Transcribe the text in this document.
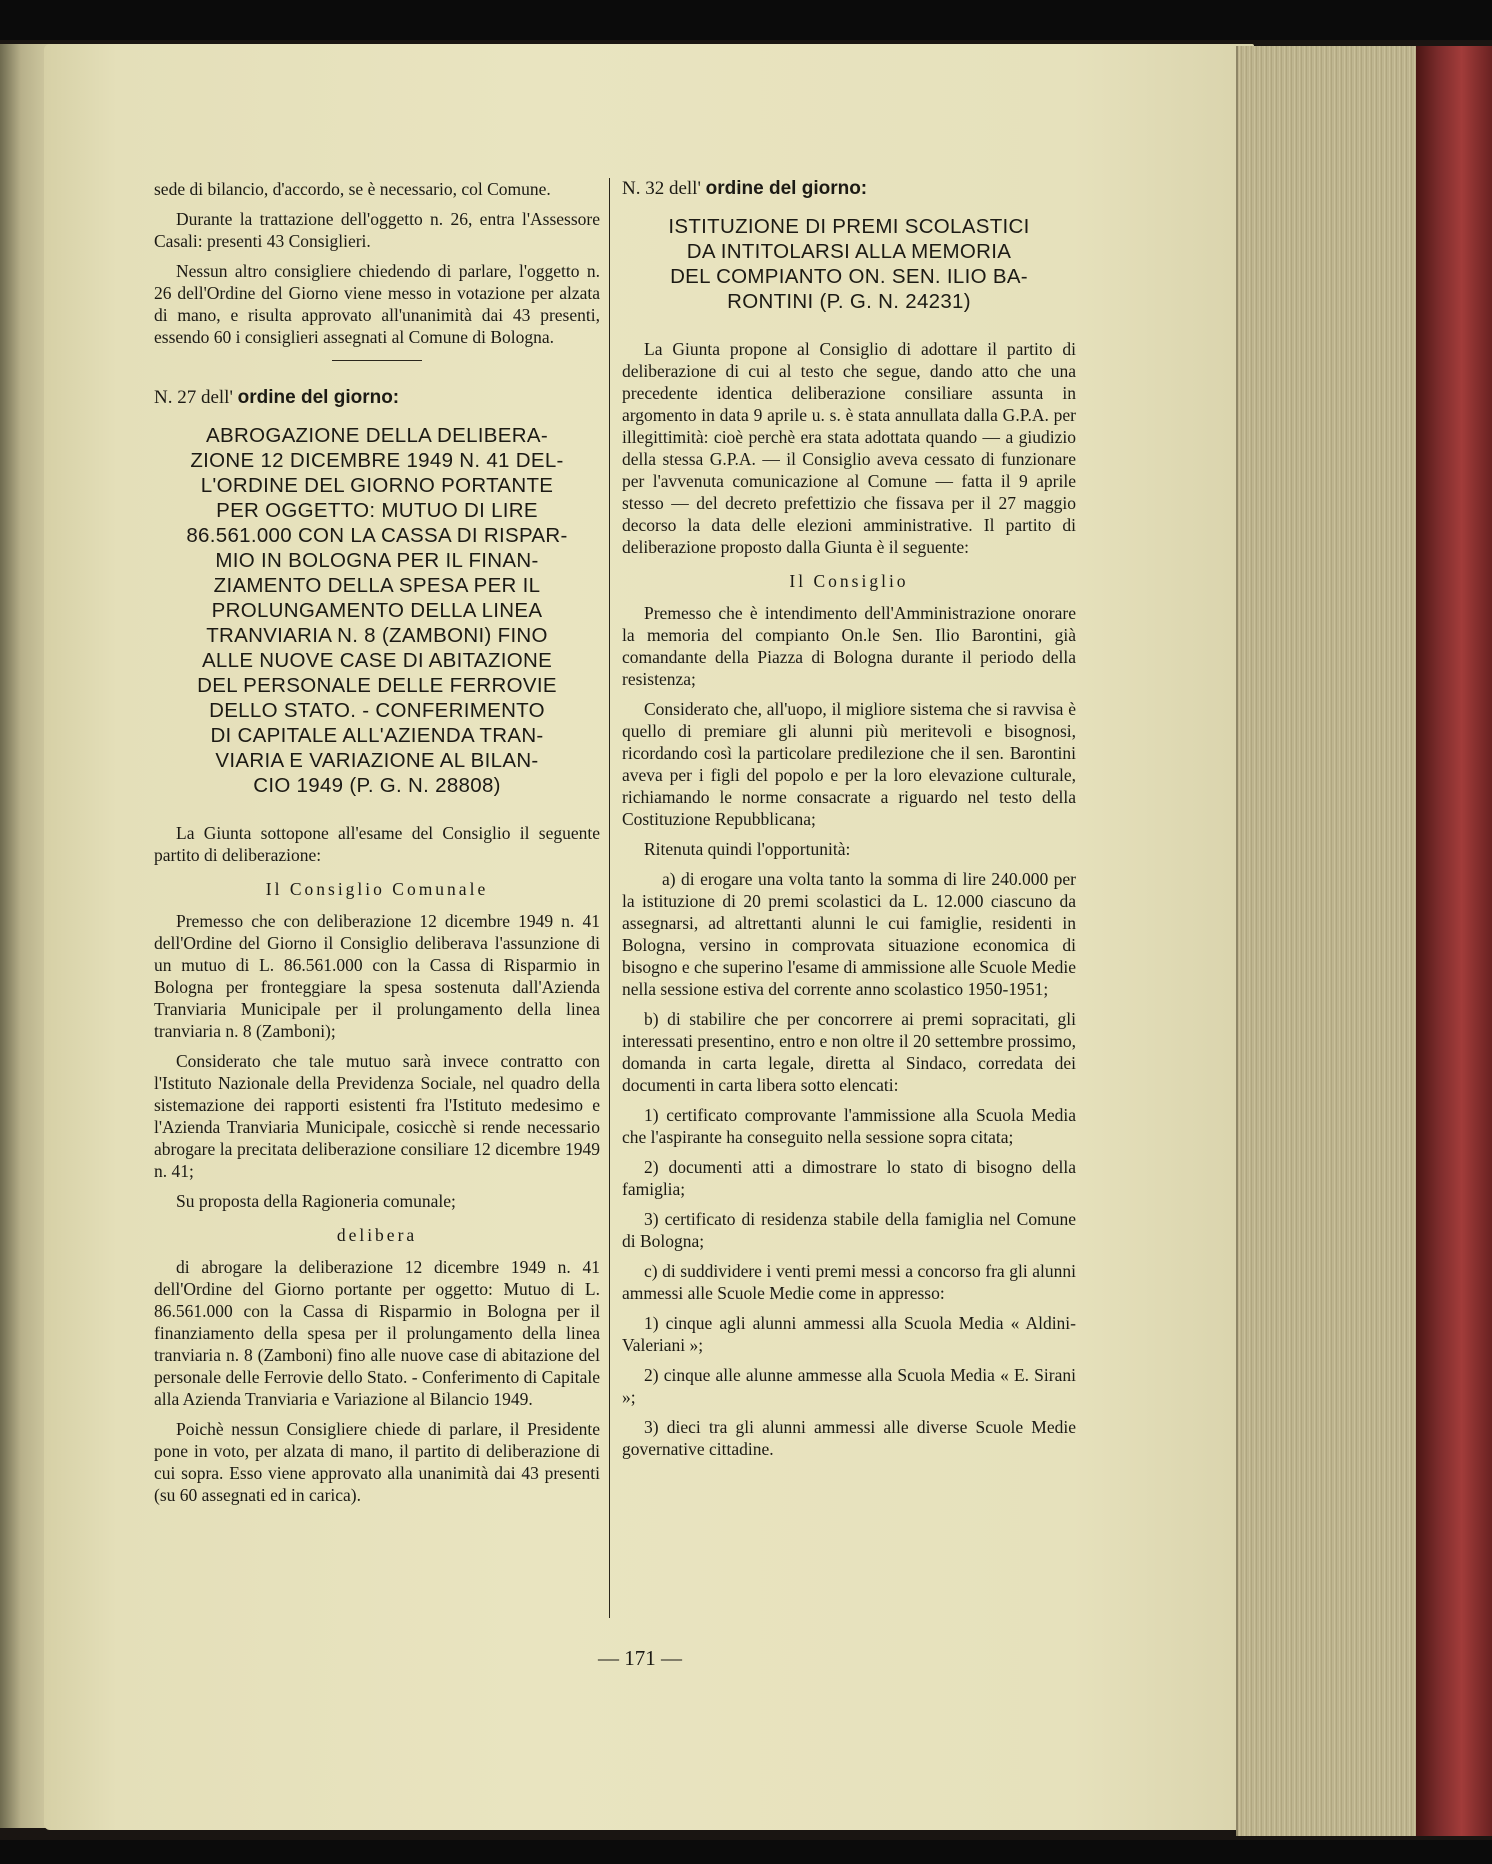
sede di bilancio, d'accordo, se è necessario, col Comune.

Durante la trattazione dell'oggetto n. 26, entra l'Assessore Casali: presenti 43 Consiglieri.

Nessun altro consigliere chiedendo di parlare, l'oggetto n. 26 dell'Ordine del Giorno viene messo in votazione per alzata di mano, e risulta approvato all'unanimità dai 43 presenti, essendo 60 i consiglieri assegnati al Comune di Bologna.

N. 27 dell' ordine del giorno:

ABROGAZIONE DELLA DELIBERA-
ZIONE 12 DICEMBRE 1949 N. 41 DEL-
L'ORDINE DEL GIORNO PORTANTE
PER OGGETTO: MUTUO DI LIRE
86.561.000 CON LA CASSA DI RISPAR-
MIO IN BOLOGNA PER IL FINAN-
ZIAMENTO DELLA SPESA PER IL
PROLUNGAMENTO DELLA LINEA
TRANVIARIA N. 8 (ZAMBONI) FINO
ALLE NUOVE CASE DI ABITAZIONE
DEL PERSONALE DELLE FERROVIE
DELLO STATO. - CONFERIMENTO
DI CAPITALE ALL'AZIENDA TRAN-
VIARIA E VARIAZIONE AL BILAN-
CIO 1949 (P. G. N. 28808)

La Giunta sottopone all'esame del Consiglio il seguente partito di deliberazione:

Il Consiglio Comunale

Premesso che con deliberazione 12 dicembre 1949 n. 41 dell'Ordine del Giorno il Consiglio deliberava l'assunzione di un mutuo di L. 86.561.000 con la Cassa di Risparmio in Bologna per fronteggiare la spesa sostenuta dall'Azienda Tranviaria Municipale per il prolungamento della linea tranviaria n. 8 (Zamboni);

Considerato che tale mutuo sarà invece contratto con l'Istituto Nazionale della Previdenza Sociale, nel quadro della sistemazione dei rapporti esistenti fra l'Istituto medesimo e l'Azienda Tranviaria Municipale, cosicchè si rende necessario abrogare la precitata deliberazione consiliare 12 dicembre 1949 n. 41;

Su proposta della Ragioneria comunale;

delibera

di abrogare la deliberazione 12 dicembre 1949 n. 41 dell'Ordine del Giorno portante per oggetto: Mutuo di L. 86.561.000 con la Cassa di Risparmio in Bologna per il finanziamento della spesa per il prolungamento della linea tranviaria n. 8 (Zamboni) fino alle nuove case di abitazione del personale delle Ferrovie dello Stato. - Conferimento di Capitale alla Azienda Tranviaria e Variazione al Bilancio 1949.

Poichè nessun Consigliere chiede di parlare, il Presidente pone in voto, per alzata di mano, il partito di deliberazione di cui sopra. Esso viene approvato alla unanimità dai 43 presenti (su 60 assegnati ed in carica).

N. 32 dell' ordine del giorno:

ISTITUZIONE DI PREMI SCOLASTICI
DA INTITOLARSI ALLA MEMORIA
DEL COMPIANTO ON. SEN. ILIO BA-
RONTINI (P. G. N. 24231)

La Giunta propone al Consiglio di adottare il partito di deliberazione di cui al testo che segue, dando atto che una precedente identica deliberazione consiliare assunta in argomento in data 9 aprile u. s. è stata annullata dalla G.P.A. per illegittimità: cioè perchè era stata adottata quando — a giudizio della stessa G.P.A. — il Consiglio aveva cessato di funzionare per l'avvenuta comunicazione al Comune — fatta il 9 aprile stesso — del decreto prefettizio che fissava per il 27 maggio decorso la data delle elezioni amministrative. Il partito di deliberazione proposto dalla Giunta è il seguente:

Il Consiglio

Premesso che è intendimento dell'Amministrazione onorare la memoria del compianto On.le Sen. Ilio Barontini, già comandante della Piazza di Bologna durante il periodo della resistenza;

Considerato che, all'uopo, il migliore sistema che si ravvisa è quello di premiare gli alunni più meritevoli e bisognosi, ricordando così la particolare predilezione che il sen. Barontini aveva per i figli del popolo e per la loro elevazione culturale, richiamando le norme consacrate a riguardo nel testo della Costituzione Repubblicana;

Ritenuta quindi l'opportunità:

a) di erogare una volta tanto la somma di lire 240.000 per la istituzione di 20 premi scolastici da L. 12.000 ciascuno da assegnarsi, ad altrettanti alunni le cui famiglie, residenti in Bologna, versino in comprovata situazione economica di bisogno e che superino l'esame di ammissione alle Scuole Medie nella sessione estiva del corrente anno scolastico 1950-1951;

b) di stabilire che per concorrere ai premi sopracitati, gli interessati presentino, entro e non oltre il 20 settembre prossimo, domanda in carta legale, diretta al Sindaco, corredata dei documenti in carta libera sotto elencati:

1) certificato comprovante l'ammissione alla Scuola Media che l'aspirante ha conseguito nella sessione sopra citata;

2) documenti atti a dimostrare lo stato di bisogno della famiglia;

3) certificato di residenza stabile della famiglia nel Comune di Bologna;

c) di suddividere i venti premi messi a concorso fra gli alunni ammessi alle Scuole Medie come in appresso:

1) cinque agli alunni ammessi alla Scuola Media « Aldini-Valeriani »;

2) cinque alle alunne ammesse alla Scuola Media « E. Sirani »;

3) dieci tra gli alunni ammessi alle diverse Scuole Medie governative cittadine.

— 171 —
